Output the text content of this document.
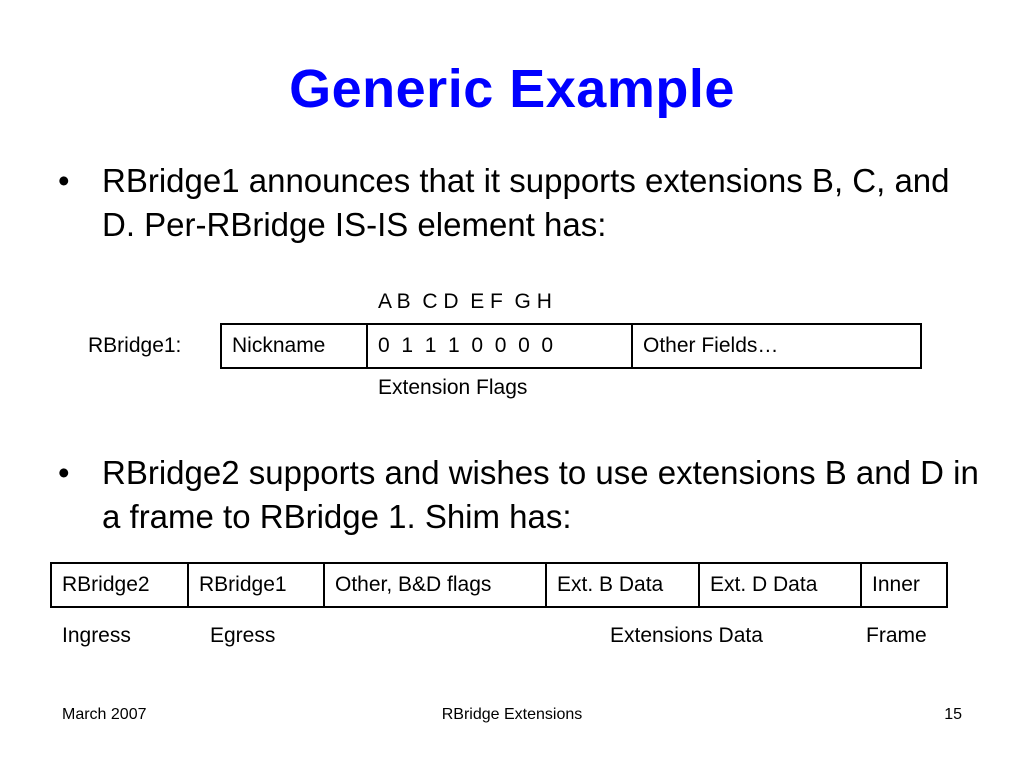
Generic Example
• RBridge1 announces that it supports extensions B, C, and D. Per-RBridge IS-IS element has:
A B  C D  E F  G H
RBridge1:	Nickname	0  1  1  1  0  0  0  0	Other Fields…
Extension Flags
• RBridge2 supports and wishes to use extensions B and D in a frame to RBridge 1. Shim has:
RBridge2	RBridge1	Other, B&D flags	Ext. B Data	Ext. D Data	Inner
Ingress	Egress	Extensions Data	Frame
March 2007	RBridge Extensions	15
